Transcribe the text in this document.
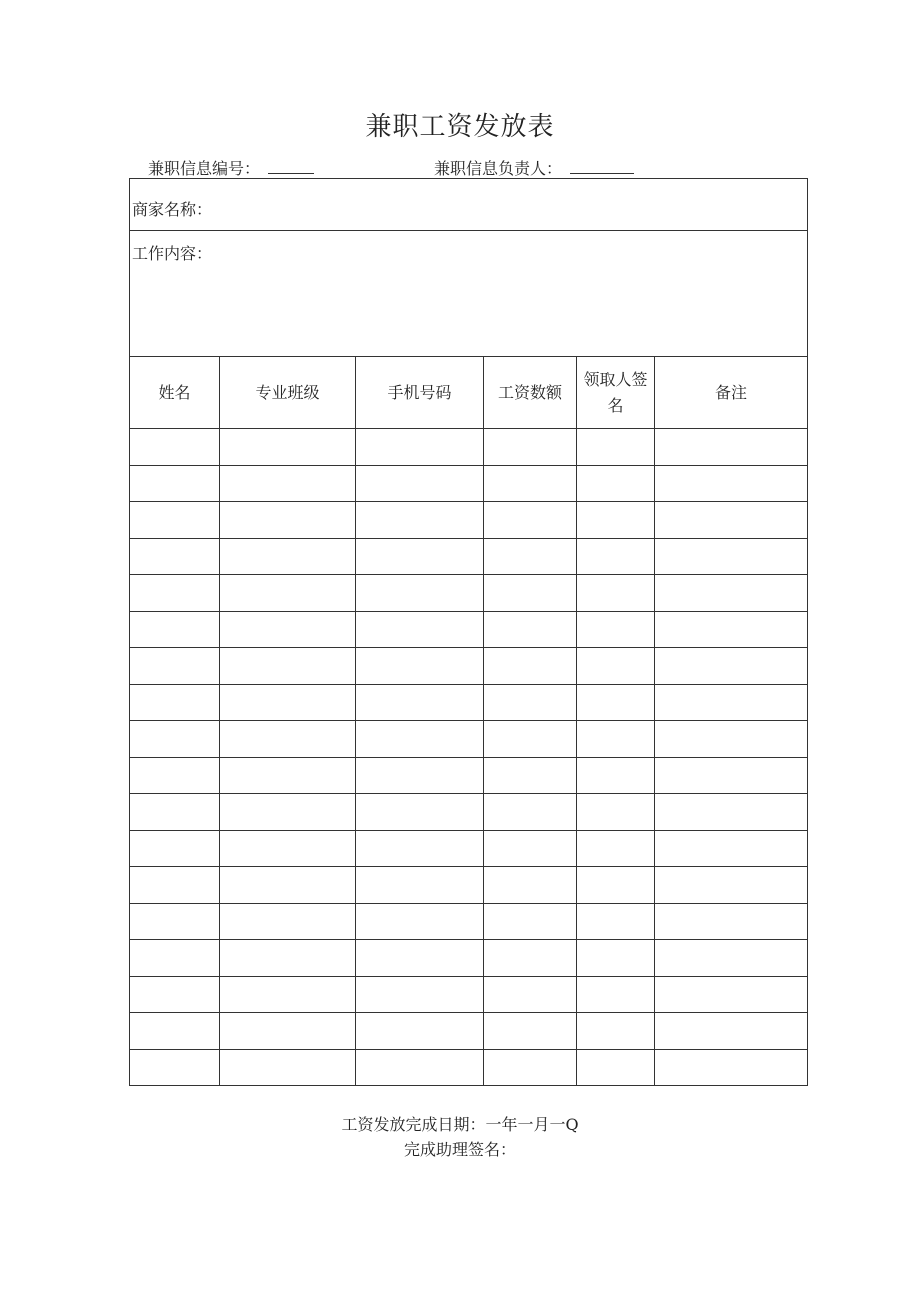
兼职工资发放表
兼职信息编号：	兼职信息负责人：
商家名称：					
工作内容：					
姓名	专业班级	手机号码	工资数额	领取人签名	备注

工资发放完成日期：一年一月一Q
完成助理签名：
